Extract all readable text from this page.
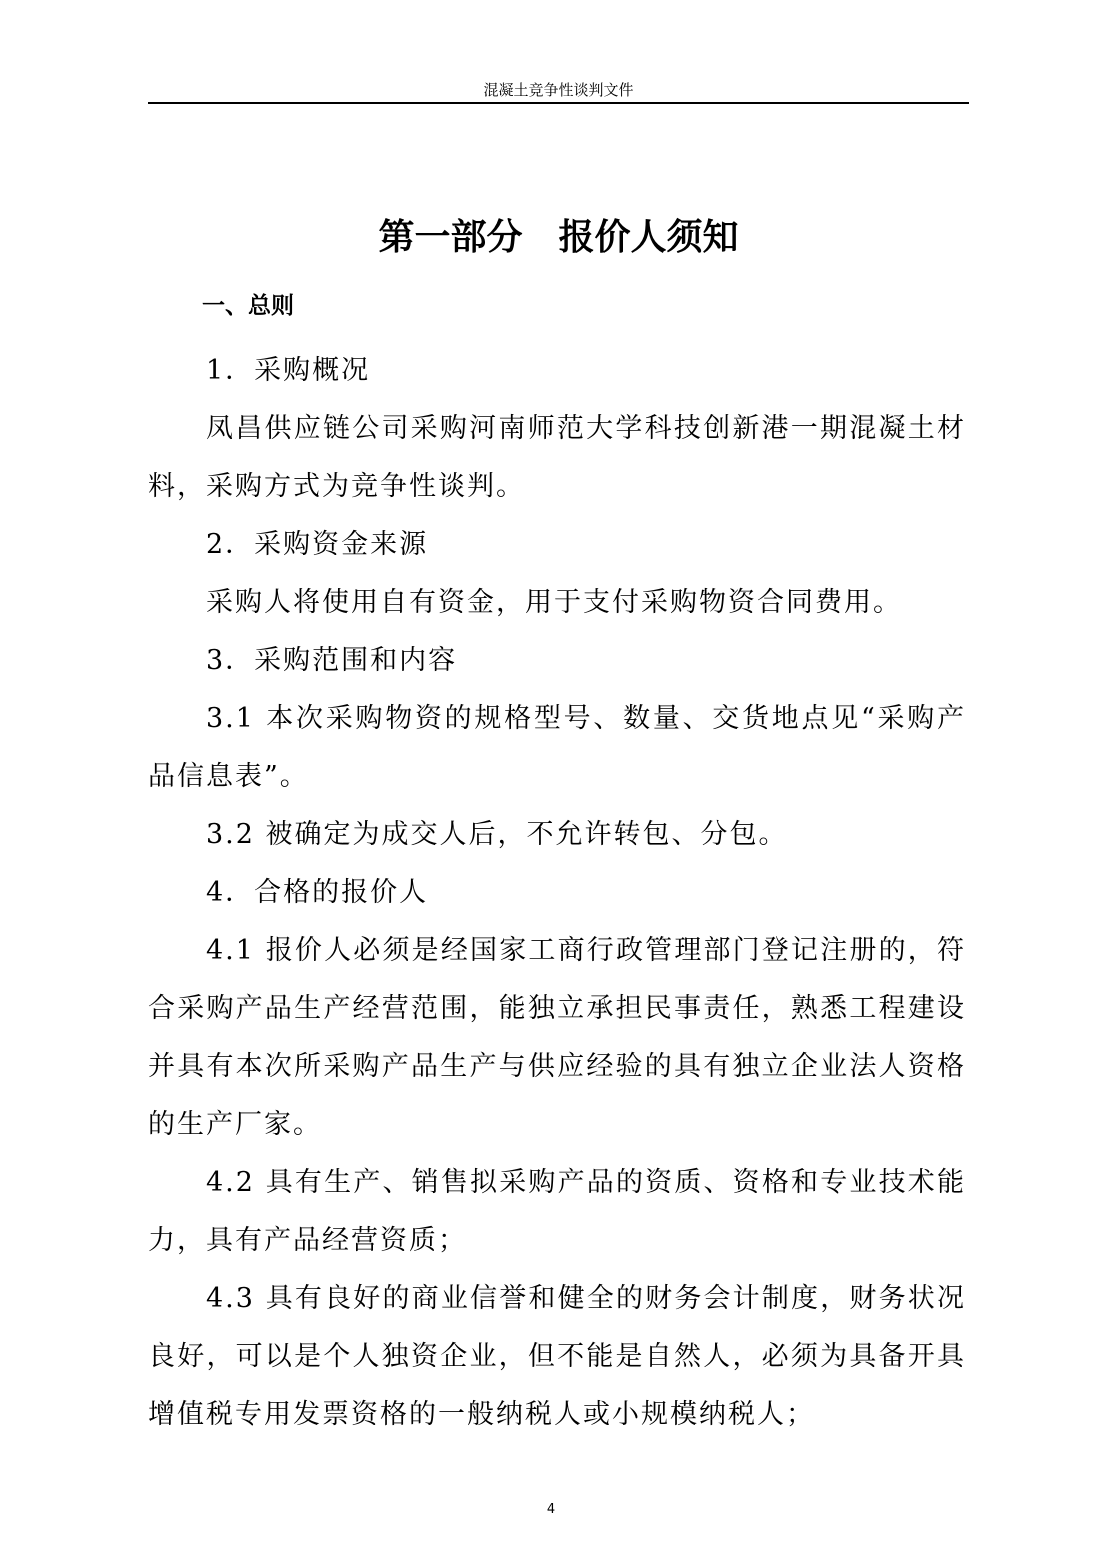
混凝土竞争性谈判文件
第一部分　报价人须知
一、总则

1．采购概况

凤昌供应链公司采购河南师范大学科技创新港一期混凝土材料，采购方式为竞争性谈判。

2．采购资金来源

采购人将使用自有资金，用于支付采购物资合同费用。

3．采购范围和内容

3.1 本次采购物资的规格型号、数量、交货地点见“采购产品信息表”。

3.2 被确定为成交人后，不允许转包、分包。

4．合格的报价人

4.1 报价人必须是经国家工商行政管理部门登记注册的，符合采购产品生产经营范围，能独立承担民事责任，熟悉工程建设并具有本次所采购产品生产与供应经验的具有独立企业法人资格的生产厂家。

4.2 具有生产、销售拟采购产品的资质、资格和专业技术能力，具有产品经营资质；

4.3 具有良好的商业信誉和健全的财务会计制度，财务状况良好，可以是个人独资企业，但不能是自然人，必须为具备开具增值税专用发票资格的一般纳税人或小规模纳税人；

4
